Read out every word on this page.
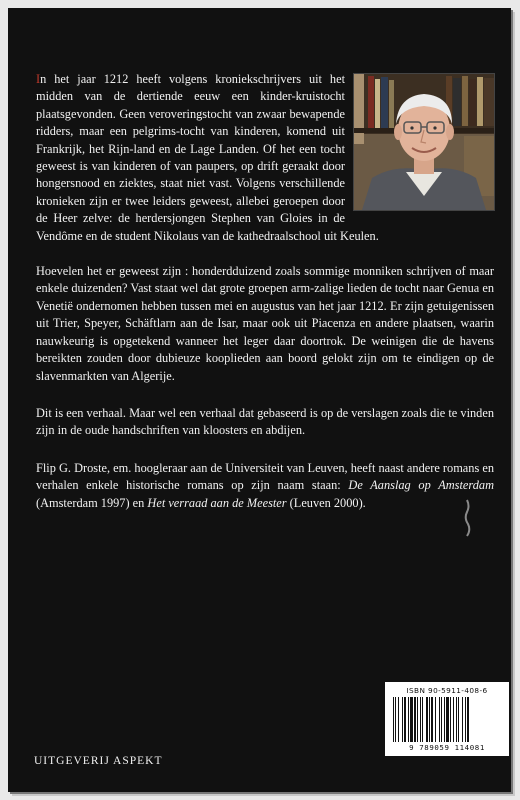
In het jaar 1212 heeft volgens kroniekschrijvers uit het midden van de dertiende eeuw een kinder-kruistocht plaatsgevonden. Geen veroveringstocht van zwaar bewapende ridders, maar een pelgrims-tocht van kinderen, komend uit Frankrijk, het Rijn-land en de Lage Landen. Of het een tocht geweest is van kinderen of van paupers, op drift geraakt door hongersnood en ziektes, staat niet vast. Volgens verschillende kronieken zijn er twee leiders geweest, allebei geroepen door de Heer zelve: de herdersjongen Stephen van Gloies in de Vendôme en de student Nikolaus van de kathedraalschool uit Keulen.

Hoevelen het er geweest zijn : honderdduizend zoals sommige monniken schrijven of maar enkele duizenden? Vast staat wel dat grote groepen arm-zalige lieden de tocht naar Genua en Venetië ondernomen hebben tussen mei en augustus van het jaar 1212. Er zijn getuigenissen uit Trier, Speyer, Schäftlarn aan de Isar, maar ook uit Piacenza en andere plaatsen, waarin nauwkeurig is opgetekend wanneer het leger daar doortrok. De weinigen die de havens bereikten zouden door dubieuze kooplieden aan boord gelokt zijn om te eindigen op de slavenmarkten van Algerije.

Dit is een verhaal. Maar wel een verhaal dat gebaseerd is op de verslagen zoals die te vinden zijn in de oude handschriften van kloosters en abdijen.

Flip G. Droste, em. hoogleraar aan de Universiteit van Leuven, heeft naast andere romans en verhalen enkele historische romans op zijn naam staan: De Aanslag op Amsterdam (Amsterdam 1997) en Het verraad aan de Meester (Leuven 2000).

ISBN 90-5911-408-6
9 789059 114081
UITGEVERIJ ASPEKT
